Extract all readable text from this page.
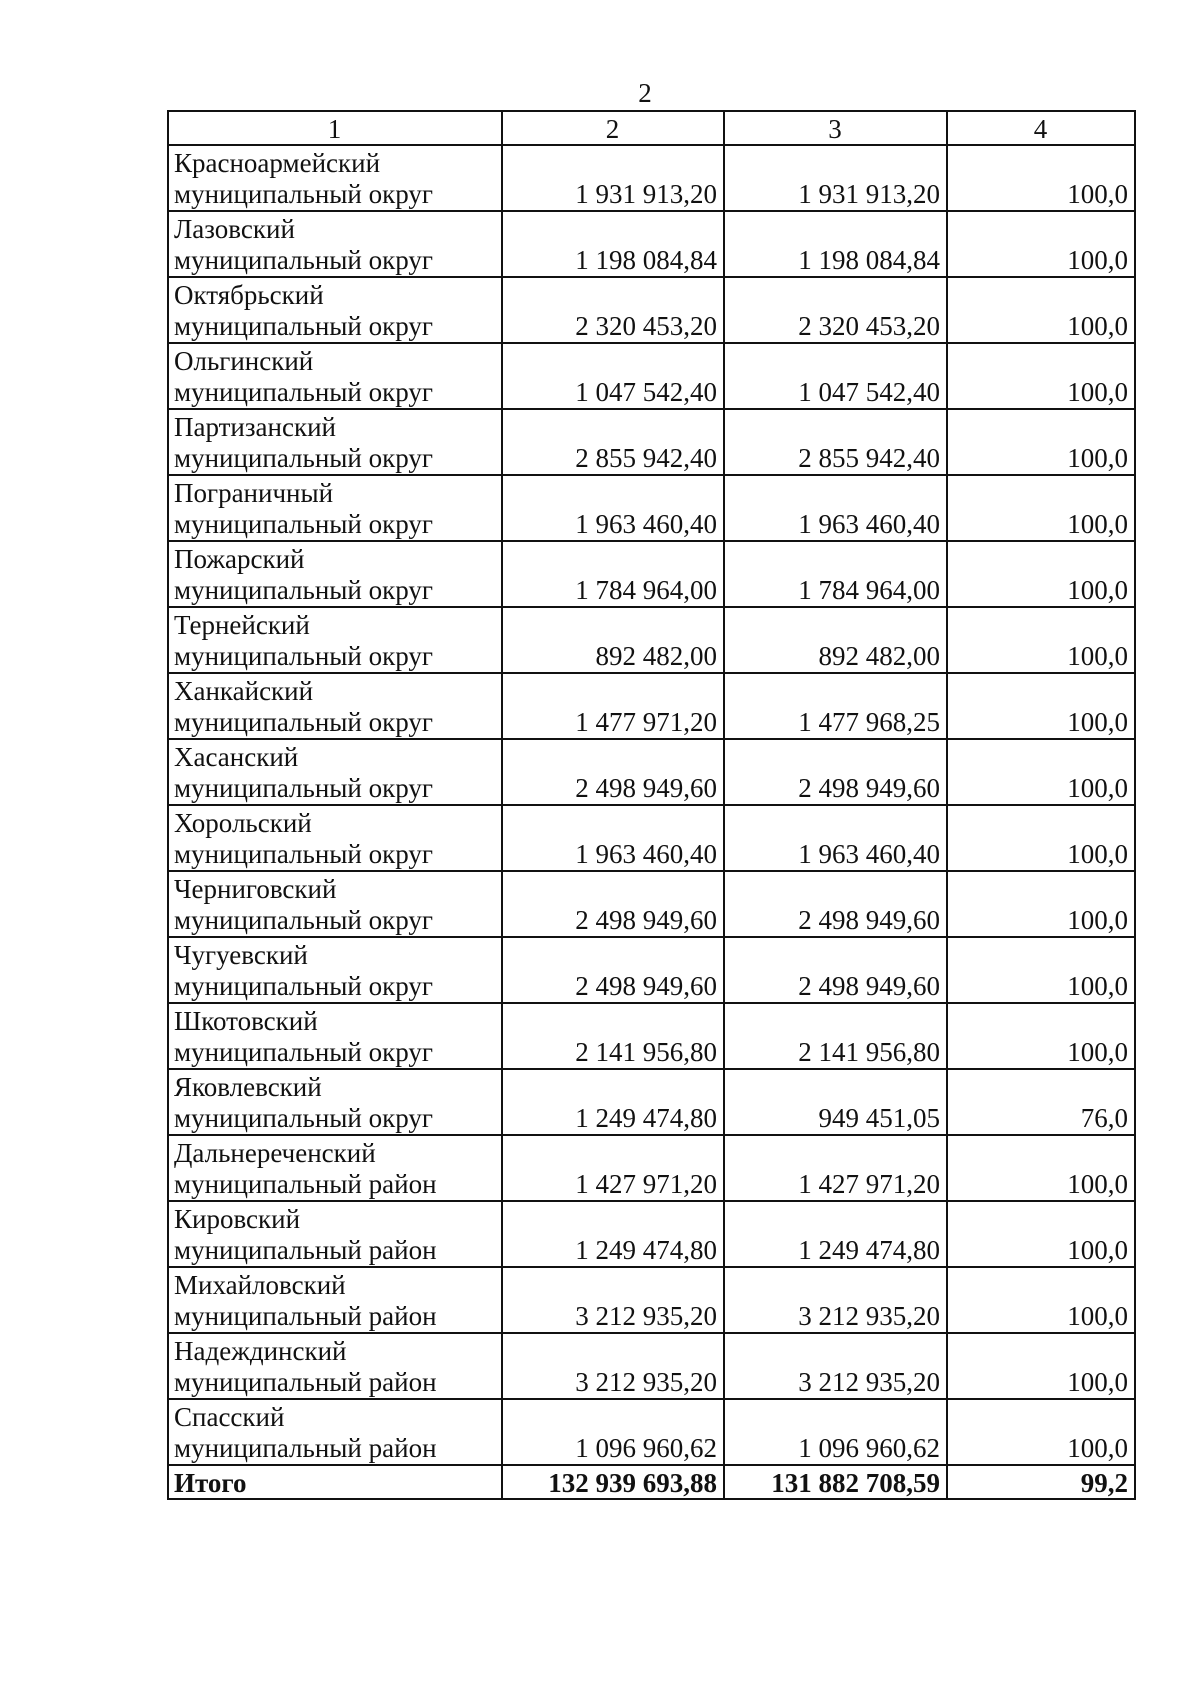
2
1	2	3	4
Красноармейский
муниципальный округ	1 931 913,20	1 931 913,20	100,0
Лазовский
муниципальный округ	1 198 084,84	1 198 084,84	100,0
Октябрьский
муниципальный округ	2 320 453,20	2 320 453,20	100,0
Ольгинский
муниципальный округ	1 047 542,40	1 047 542,40	100,0
Партизанский
муниципальный округ	2 855 942,40	2 855 942,40	100,0
Пограничный
муниципальный округ	1 963 460,40	1 963 460,40	100,0
Пожарский
муниципальный округ	1 784 964,00	1 784 964,00	100,0
Тернейский
муниципальный округ	892 482,00	892 482,00	100,0
Ханкайский
муниципальный округ	1 477 971,20	1 477 968,25	100,0
Хасанский
муниципальный округ	2 498 949,60	2 498 949,60	100,0
Хорольский
муниципальный округ	1 963 460,40	1 963 460,40	100,0
Черниговский
муниципальный округ	2 498 949,60	2 498 949,60	100,0
Чугуевский
муниципальный округ	2 498 949,60	2 498 949,60	100,0
Шкотовский
муниципальный округ	2 141 956,80	2 141 956,80	100,0
Яковлевский
муниципальный округ	1 249 474,80	949 451,05	76,0
Дальнереченский
муниципальный район	1 427 971,20	1 427 971,20	100,0
Кировский
муниципальный район	1 249 474,80	1 249 474,80	100,0
Михайловский
муниципальный район	3 212 935,20	3 212 935,20	100,0
Надеждинский
муниципальный район	3 212 935,20	3 212 935,20	100,0
Спасский
муниципальный район	1 096 960,62	1 096 960,62	100,0
Итого	132 939 693,88	131 882 708,59	99,2
